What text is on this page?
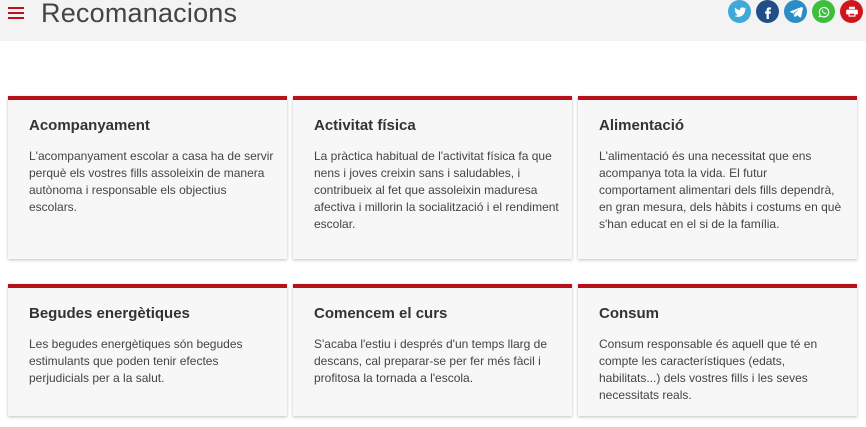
Recomanacions
Acompanyament

L'acompanyament escolar a casa ha de servir perquè els vostres fills assoleixin de manera autònoma i responsable els objectius escolars.

Activitat física

La pràctica habitual de l'activitat física fa que nens i joves creixin sans i saludables, i contribueix al fet que assoleixin maduresa afectiva i millorin la socialització i el rendiment escolar.

Alimentació

L'alimentació és una necessitat que ens acompanya tota la vida. El futur comportament alimentari dels fills dependrà, en gran mesura, dels hàbits i costums en què s'han educat en el si de la família.

Begudes energètiques

Les begudes energètiques són begudes estimulants que poden tenir efectes perjudicials per a la salut.

Comencem el curs

S'acaba l'estiu i després d'un temps llarg de descans, cal preparar-se per fer més fàcil i profitosa la tornada a l'escola.

Consum

Consum responsable és aquell que té en compte les característiques (edats, habilitats...) dels vostres fills i les seves necessitats reals.
